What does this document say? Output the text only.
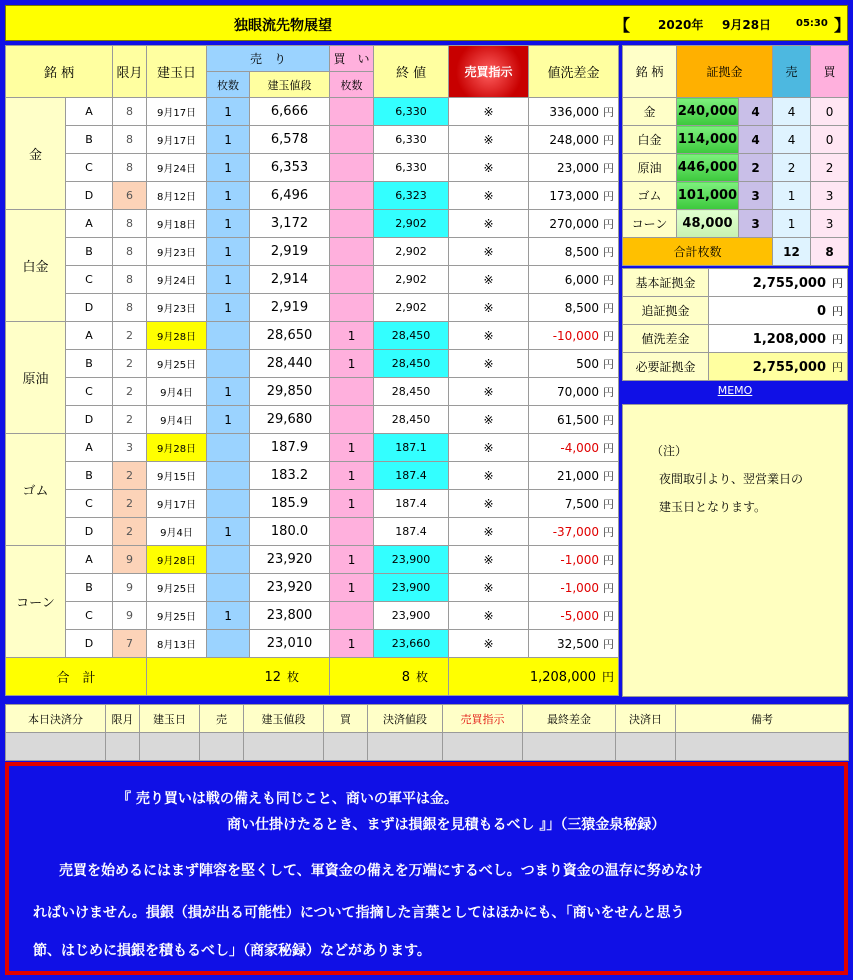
独眼流先物展望	【 2020年 9月28日 05:30 】
銘 柄		限月	建玉日	売　り		買　い	終 値	売買指示	値洗差金
				枚数	建玉値段	枚数			
金	A	8	9月17日	1	6,666		6,330	※	336,000 円
	B	8	9月17日	1	6,578		6,330	※	248,000 円
	C	8	9月24日	1	6,353		6,330	※	23,000 円
	D	6	8月12日	1	6,496		6,323	※	173,000 円
白金	A	8	9月18日	1	3,172		2,902	※	270,000 円
	B	8	9月23日	1	2,919		2,902	※	8,500 円
	C	8	9月24日	1	2,914		2,902	※	6,000 円
	D	8	9月23日	1	2,919		2,902	※	8,500 円
原油	A	2	9月28日		28,650	1	28,450	※	-10,000 円
	B	2	9月25日		28,440	1	28,450	※	500 円
	C	2	9月4日	1	29,850		28,450	※	70,000 円
	D	2	9月4日	1	29,680		28,450	※	61,500 円
ゴム	A	3	9月28日		187.9	1	187.1	※	-4,000 円
	B	2	9月15日		183.2	1	187.4	※	21,000 円
	C	2	9月17日		185.9	1	187.4	※	7,500 円
	D	2	9月4日	1	180.0		187.4	※	-37,000 円
コーン	A	9	9月28日		23,920	1	23,900	※	-1,000 円
	B	9	9月25日		23,920	1	23,900	※	-1,000 円
	C	9	9月25日	1	23,800		23,900	※	-5,000 円
	D	7	8月13日		23,010	1	23,660	※	32,500 円
合　計			12 枚			8 枚		1,208,000 円	
銘 柄	証拠金		売	買
金	240,000	4	4	0
白金	114,000	4	4	0
原油	446,000	2	2	2
ゴム	101,000	3	1	3
コーン	48,000	3	1	3
合計枚数			12	8
基本証拠金	2,755,000 円
追証拠金	0 円
値洗差金	1,208,000 円
必要証拠金	2,755,000 円
MEMO
（注）
夜間取引より、翌営業日の
建玉日となります。
本日決済分	限月	建玉日	売	建玉値段	買	決済値段	売買指示	最終差金	決済日	備考

『 売り買いは戦の備えも同じこと、商いの軍平は金。
商い仕掛けたるとき、まずは損銀を見積もるべし 』」（三猿金泉秘録）
売買を始めるにはまず陣容を堅くして、軍資金の備えを万端にするべし。つまり資金の温存に努めなけ
ればいけません。損銀（損が出る可能性）について指摘した言葉としてはほかにも、「商いをせんと思う
節、はじめに損銀を積もるべし」（商家秘録）などがあります。
